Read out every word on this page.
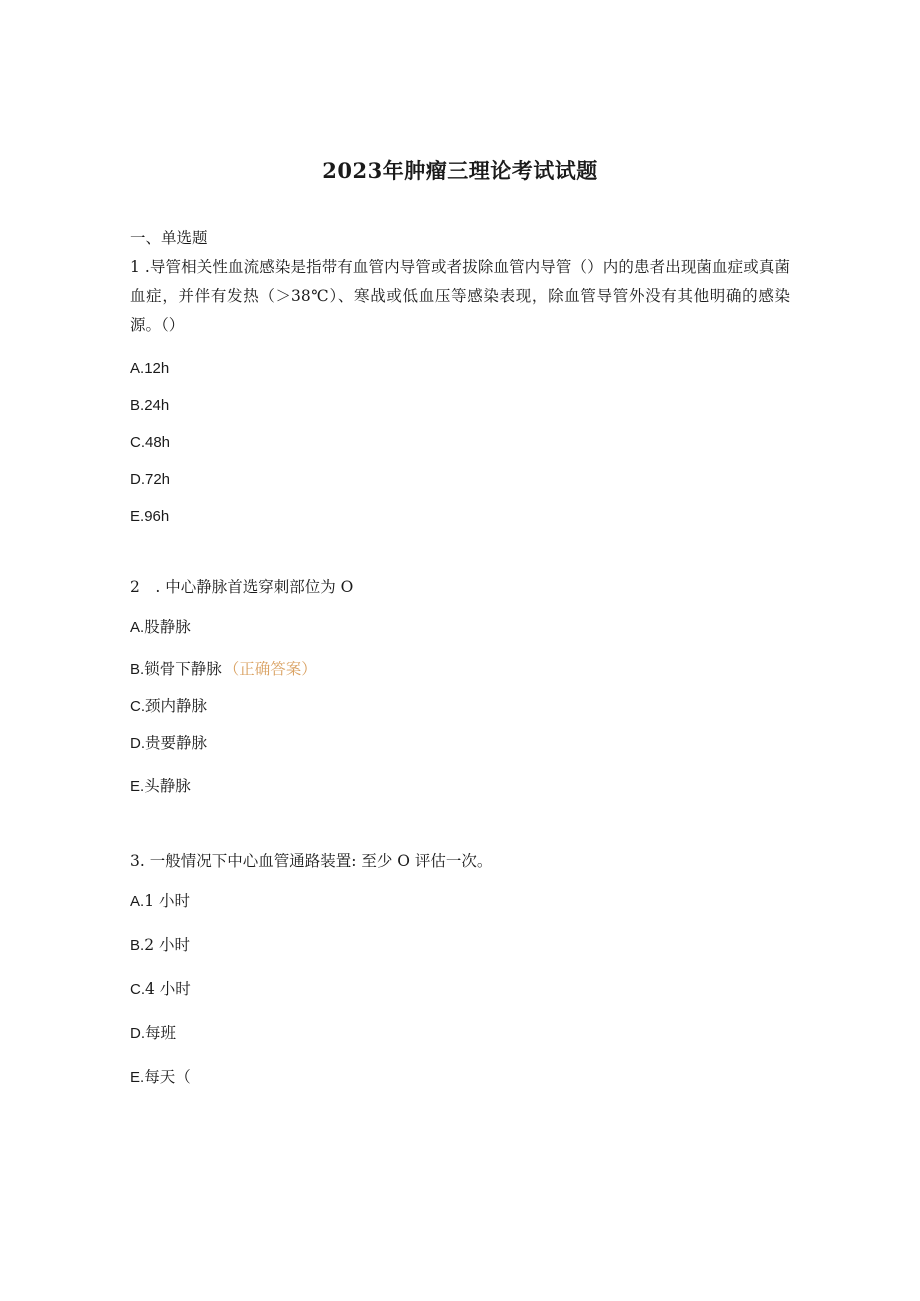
2023年肿瘤三理论考试试题
一、单选题
1 .导管相关性血流感染是指带有血管内导管或者拔除血管内导管（）内的患者出现菌血症或真菌血症，并伴有发热（＞38℃）、寒战或低血压等感染表现，除血管导管外没有其他明确的感染源。（）
A.12h
B.24h
C.48h
D.72h
E.96h
2　. 中心静脉首选穿刺部位为 O
A.股静脉
B.锁骨下静脉 （正确答案）
C.颈内静脉
D.贵要静脉
E.头静脉
3. 一般情况下中心血管通路装置: 至少 O 评估一次。
A.1 小时
B.2 小时
C.4 小时
D.每班
E.每天（
